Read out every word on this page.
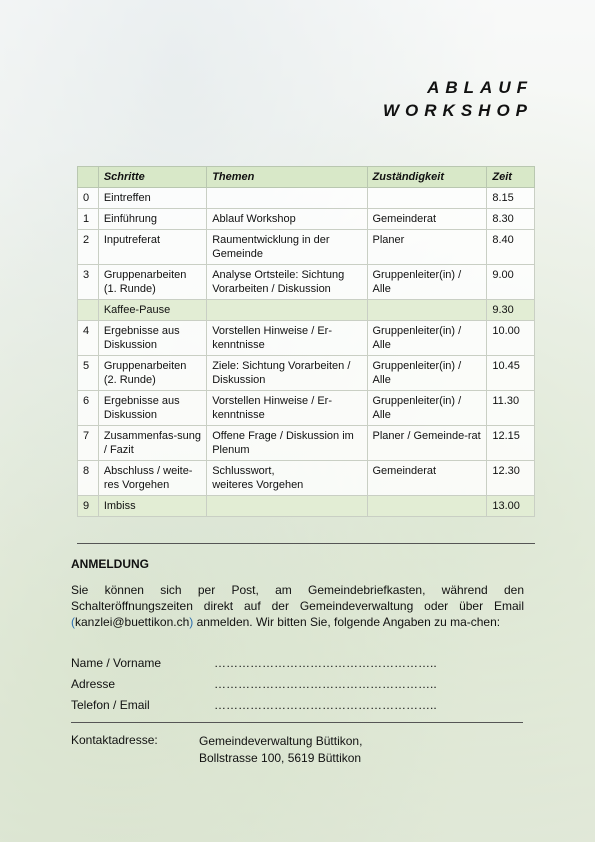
ABLAUF
WORKSHOP
	Schritte	Themen	Zuständigkeit	Zeit
0	Eintreffen			8.15
1	Einführung	Ablauf Workshop	Gemeinderat	8.30
2	Inputreferat	Raumentwicklung in der Gemeinde	Planer	8.40
3	Gruppenarbeiten (1. Runde)	Analyse Ortsteile: Sichtung Vorarbeiten / Diskussion	Gruppenleiter(in) / Alle	9.00
	Kaffee-Pause			9.30
4	Ergebnisse aus Diskussion	Vorstellen Hinweise / Er-kenntnisse	Gruppenleiter(in) / Alle	10.00
5	Gruppenarbeiten (2. Runde)	Ziele: Sichtung Vorarbeiten / Diskussion	Gruppenleiter(in) / Alle	10.45
6	Ergebnisse aus Diskussion	Vorstellen Hinweise / Er-kenntnisse	Gruppenleiter(in) / Alle	11.30
7	Zusammenfas-sung / Fazit	Offene Frage / Diskussion im Plenum	Planer / Gemeinde-rat	12.15
8	Abschluss / weite-res Vorgehen	Schlusswort,
weiteres Vorgehen	Gemeinderat	12.30
9	Imbiss			13.00
ANMELDUNG
Sie können sich per Post, am Gemeindebriefkasten, während den Schalteröffnungszeiten direkt auf der Gemeindeverwaltung oder über Email (kanzlei@buettikon.ch) anmelden. Wir bitten Sie, folgende Angaben zu ma-chen:
Name / Vorname	………………………………………………..
Adresse	………………………………………………..
Telefon / Email	………………………………………………..
Kontaktadresse:	Gemeindeverwaltung Büttikon,
Bollstrasse 100, 5619 Büttikon
